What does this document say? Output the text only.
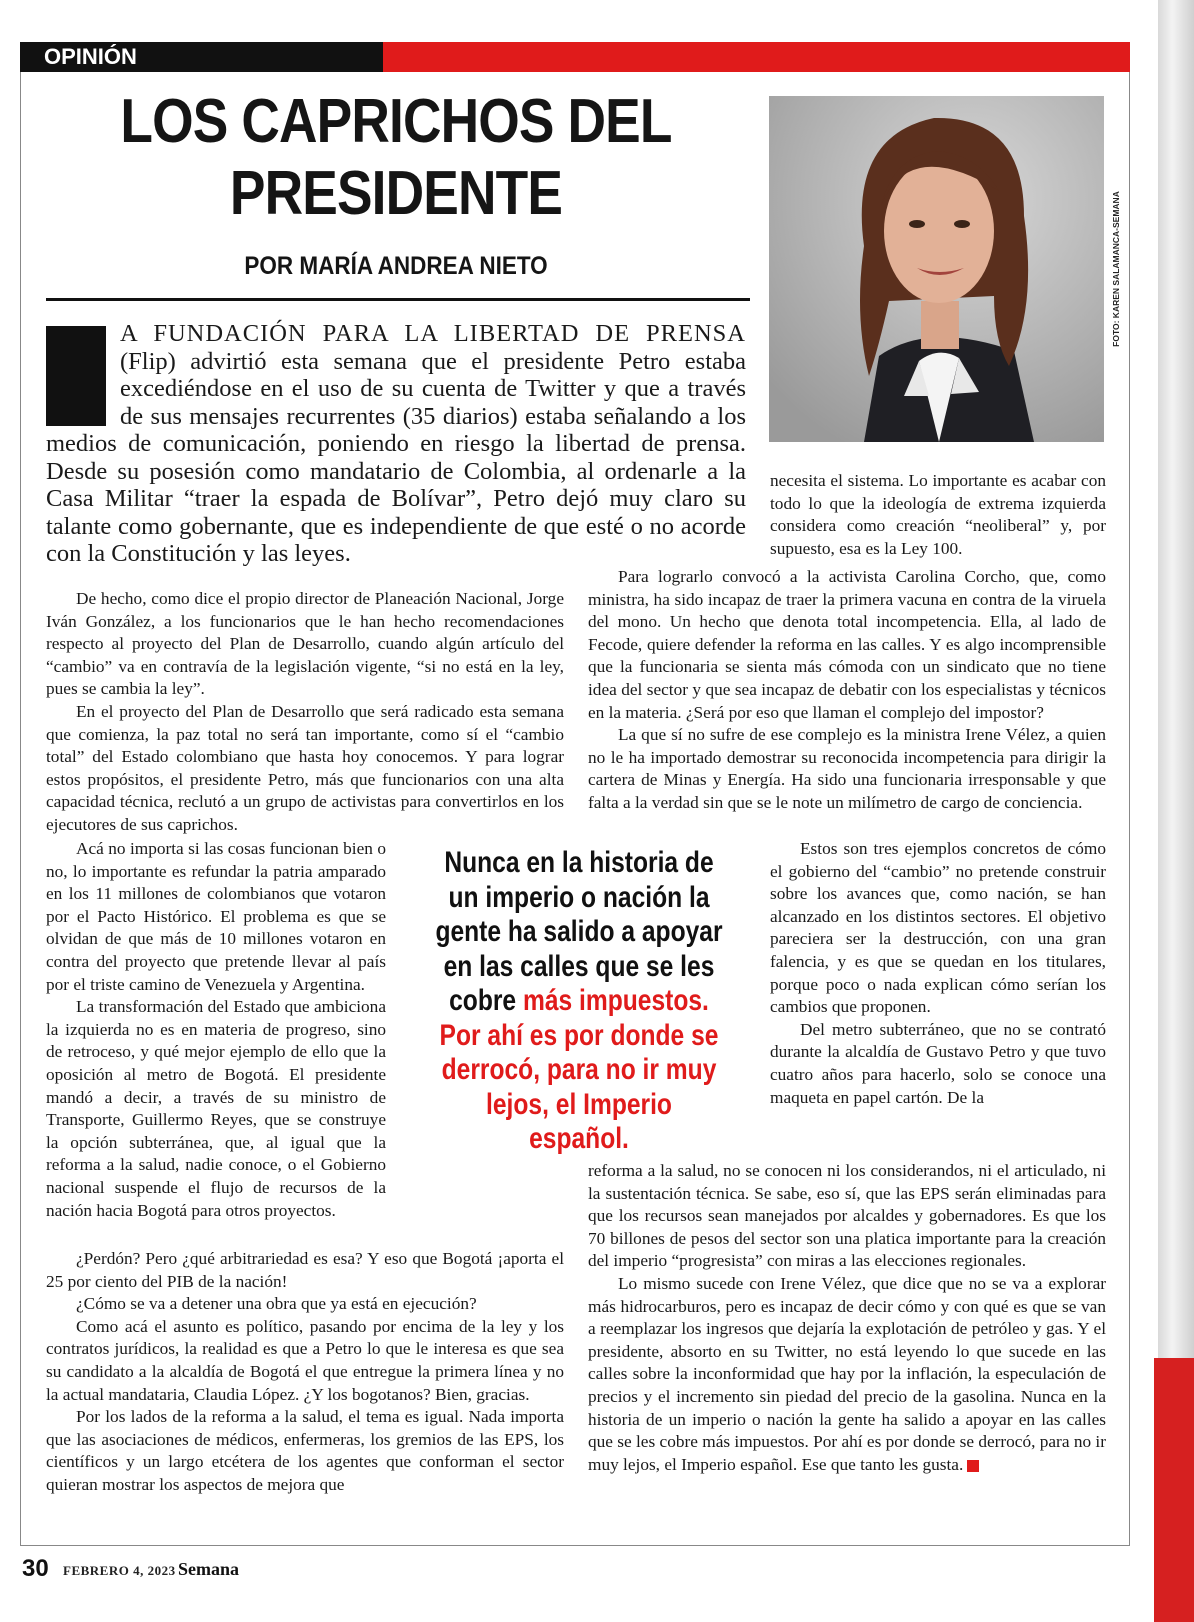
OPINIÓN
LOS CAPRICHOS DEL PRESIDENTE
POR MARÍA ANDREA NIETO	FOTO: KAREN SALAMANCA-SEMANA
A FUNDACIÓN PARA LA LIBERTAD DE PRENSA (Flip) advirtió esta semana que el presidente Petro estaba excediéndose en el uso de su cuenta de Twitter y que a través de sus mensajes recurrentes (35 diarios) estaba señalando a los medios de comunicación, poniendo en riesgo la libertad de prensa. Desde su posesión como mandatario de Colombia, al ordenarle a la Casa Militar “traer la espada de Bolívar”, Petro dejó muy claro su talante como gobernante, que es independiente de que esté o no acorde con la Constitución y las leyes.

necesita el sistema. Lo importante es acabar con todo lo que la ideología de extrema izquierda considera como creación “neoliberal” y, por supuesto, esa es la Ley 100.

De hecho, como dice el propio director de Planeación Nacional, Jorge Iván González, a los funcionarios que le han hecho recomendaciones respecto al proyecto del Plan de Desarrollo, cuando algún artículo del “cambio” va en contravía de la legislación vigente, “si no está en la ley, pues se cambia la ley”.

En el proyecto del Plan de Desarrollo que será radicado esta semana que comienza, la paz total no será tan importante, como sí el “cambio total” del Estado colombiano que hasta hoy conocemos. Y para lograr estos propósitos, el presidente Petro, más que funcionarios con una alta capacidad técnica, reclutó a un grupo de activistas para convertirlos en los ejecutores de sus caprichos.

Para lograrlo convocó a la activista Carolina Corcho, que, como ministra, ha sido incapaz de traer la primera vacuna en contra de la viruela del mono. Un hecho que denota total incompetencia. Ella, al lado de Fecode, quiere defender la reforma en las calles. Y es algo incomprensible que la funcionaria se sienta más cómoda con un sindicato que no tiene idea del sector y que sea incapaz de debatir con los especialistas y técnicos en la materia. ¿Será por eso que llaman el complejo del impostor?

La que sí no sufre de ese complejo es la ministra Irene Vélez, a quien no le ha importado demostrar su reconocida incompetencia para dirigir la cartera de Minas y Energía. Ha sido una funcionaria irresponsable y que falta a la verdad sin que se le note un milímetro de cargo de conciencia.

Acá no importa si las cosas funcionan bien o no, lo importante es refundar la patria amparado en los 11 millones de colombianos que votaron por el Pacto Histórico. El problema es que se olvidan de que más de 10 millones votaron en contra del proyecto que pretende llevar al país por el triste camino de Venezuela y Argentina.

La transformación del Estado que ambiciona la izquierda no es en materia de progreso, sino de retroceso, y qué mejor ejemplo de ello que la oposición al metro de Bogotá. El presidente mandó a decir, a través de su ministro de Transporte, Guillermo Reyes, que se construye la opción subterránea, que, al igual que la reforma a la salud, nadie conoce, o el Gobierno nacional suspende el flujo de recursos de la nación hacia Bogotá para otros proyectos.

Nunca en la historia de un imperio o nación la gente ha salido a apoyar en las calles que se les cobre más impuestos. Por ahí es por donde se derrocó, para no ir muy lejos, el Imperio español.

Estos son tres ejemplos concretos de cómo el gobierno del “cambio” no pretende construir sobre los avances que, como nación, se han alcanzado en los distintos sectores. El objetivo pareciera ser la destrucción, con una gran falencia, y es que se quedan en los titulares, porque poco o nada explican cómo serían los cambios que proponen.

Del metro subterráneo, que no se contrató durante la alcaldía de Gustavo Petro y que tuvo cuatro años para hacerlo, solo se conoce una maqueta en papel cartón. De la

¿Perdón? Pero ¿qué arbitrariedad es esa? Y eso que Bogotá ¡aporta el 25 por ciento del PIB de la nación!

¿Cómo se va a detener una obra que ya está en ejecución?

Como acá el asunto es político, pasando por encima de la ley y los contratos jurídicos, la realidad es que a Petro lo que le interesa es que sea su candidato a la alcaldía de Bogotá el que entregue la primera línea y no la actual mandataria, Claudia López. ¿Y los bogotanos? Bien, gracias.

Por los lados de la reforma a la salud, el tema es igual. Nada importa que las asociaciones de médicos, enfermeras, los gremios de las EPS, los científicos y un largo etcétera de los agentes que conforman el sector quieran mostrar los aspectos de mejora que

reforma a la salud, no se conocen ni los considerandos, ni el articulado, ni la sustentación técnica. Se sabe, eso sí, que las EPS serán eliminadas para que los recursos sean manejados por alcaldes y gobernadores. Es que los 70 billones de pesos del sector son una platica importante para la creación del imperio “progresista” con miras a las elecciones regionales.

Lo mismo sucede con Irene Vélez, que dice que no se va a explorar más hidrocarburos, pero es incapaz de decir cómo y con qué es que se van a reemplazar los ingresos que dejaría la explotación de petróleo y gas. Y el presidente, absorto en su Twitter, no está leyendo lo que sucede en las calles sobre la inconformidad que hay por la inflación, la especulación de precios y el incremento sin piedad del precio de la gasolina. Nunca en la historia de un imperio o nación la gente ha salido a apoyar en las calles que se les cobre más impuestos. Por ahí es por donde se derrocó, para no ir muy lejos, el Imperio español. Ese que tanto les gusta.

30 FEBRERO 4, 2023 Semana
